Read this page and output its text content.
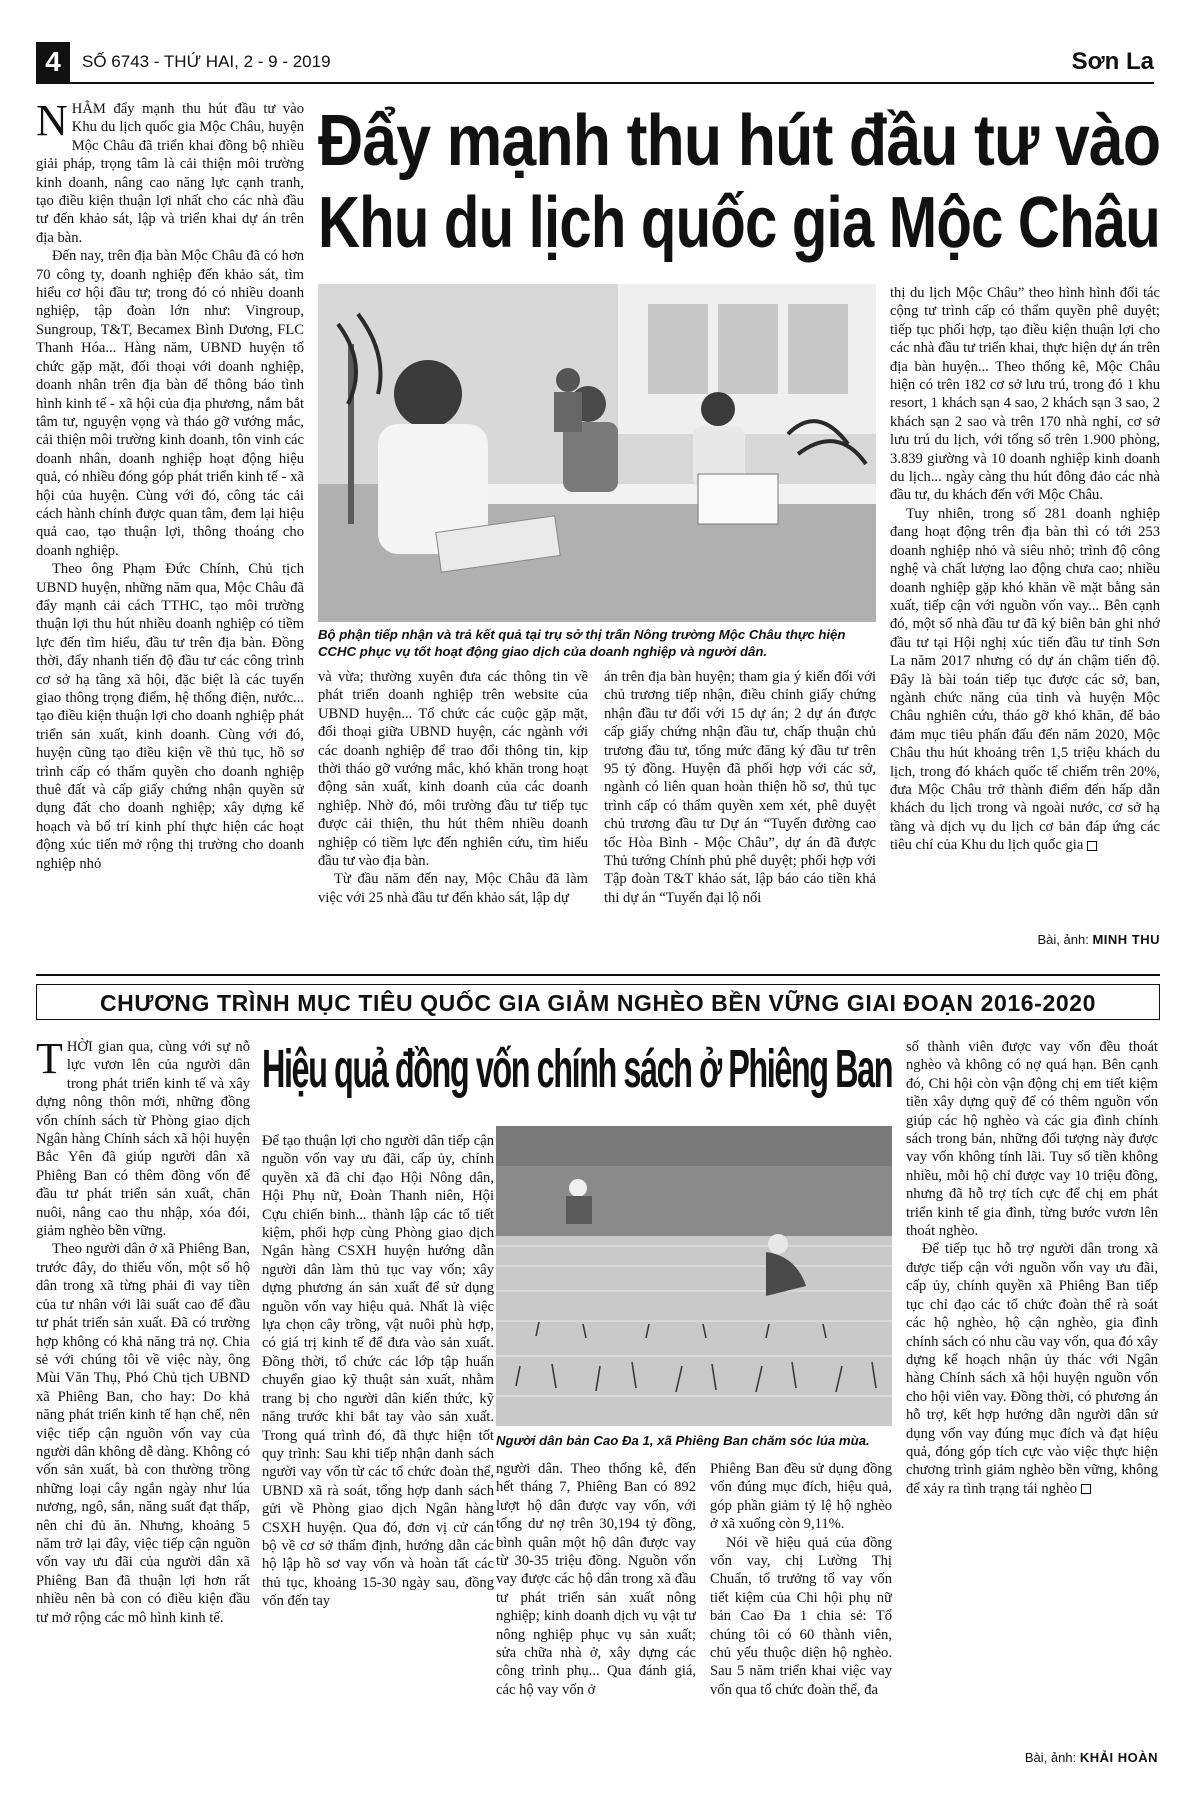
4	SỐ 6743 - THỨ HAI, 2 - 9 - 2019	Sơn La
N HẰM đẩy mạnh thu hút đầu tư vào Khu du lịch quốc gia Mộc Châu, huyện Mộc Châu đã triển khai đồng bộ nhiều giải pháp, trọng tâm là cải thiện môi trường kinh doanh, nâng cao năng lực cạnh tranh, tạo điều kiện thuận lợi nhất cho các nhà đầu tư đến khảo sát, lập và triển khai dự án trên địa bàn.

Đến nay, trên địa bàn Mộc Châu đã có hơn 70 công ty, doanh nghiệp đến khảo sát, tìm hiểu cơ hội đầu tư; trong đó có nhiều doanh nghiệp, tập đoàn lớn như: Vingroup, Sungroup, T&T, Becamex Bình Dương, FLC Thanh Hóa... Hàng năm, UBND huyện tổ chức gặp mặt, đối thoại với doanh nghiệp, doanh nhân trên địa bàn để thông báo tình hình kinh tế - xã hội của địa phương, nắm bắt tâm tư, nguyện vọng và tháo gỡ vướng mắc, cải thiện môi trường kinh doanh, tôn vinh các doanh nhân, doanh nghiệp hoạt động hiệu quả, có nhiều đóng góp phát triển kinh tế - xã hội của huyện. Cùng với đó, công tác cải cách hành chính được quan tâm, đem lại hiệu quả cao, tạo thuận lợi, thông thoáng cho doanh nghiệp.

Theo ông Phạm Đức Chính, Chủ tịch UBND huyện, những năm qua, Mộc Châu đã đẩy mạnh cải cách TTHC, tạo môi trường thuận lợi thu hút nhiều doanh nghiệp có tiềm lực đến tìm hiểu, đầu tư trên địa bàn. Đồng thời, đẩy nhanh tiến độ đầu tư các công trình cơ sở hạ tầng xã hội, đặc biệt là các tuyến giao thông trọng điểm, hệ thống điện, nước... tạo điều kiện thuận lợi cho doanh nghiệp phát triển sản xuất, kinh doanh. Cùng với đó, huyện cũng tạo điều kiện về thủ tục, hồ sơ trình cấp có thẩm quyền cho doanh nghiệp thuê đất và cấp giấy chứng nhận quyền sử dụng đất cho doanh nghiệp; xây dựng kế hoạch và bố trí kinh phí thực hiện các hoạt động xúc tiến mở rộng thị trường cho doanh nghiệp nhỏ

Đẩy mạnh thu hút đầu tư vào Khu du lịch quốc gia Mộc Châu
Bộ phận tiếp nhận và trả kết quả tại trụ sở thị trấn Nông trường Mộc Châu thực hiện CCHC phục vụ tốt hoạt động giao dịch của doanh nghiệp và người dân.

và vừa; thường xuyên đưa các thông tin về phát triển doanh nghiệp trên website của UBND huyện... Tổ chức các cuộc gặp mặt, đối thoại giữa UBND huyện, các ngành với các doanh nghiệp để trao đổi thông tin, kịp thời tháo gỡ vướng mắc, khó khăn trong hoạt động sản xuất, kinh doanh của các doanh nghiệp. Nhờ đó, môi trường đầu tư tiếp tục được cải thiện, thu hút thêm nhiều doanh nghiệp có tiềm lực đến nghiên cứu, tìm hiểu đầu tư vào địa bàn.

Từ đầu năm đến nay, Mộc Châu đã làm việc với 25 nhà đầu tư đến khảo sát, lập dự

án trên địa bàn huyện; tham gia ý kiến đối với chủ trương tiếp nhận, điều chỉnh giấy chứng nhận đầu tư đối với 15 dự án; 2 dự án được cấp giấy chứng nhận đầu tư, chấp thuận chủ trương đầu tư, tổng mức đăng ký đầu tư trên 95 tỷ đồng. Huyện đã phối hợp với các sở, ngành có liên quan hoàn thiện hồ sơ, thủ tục trình cấp có thẩm quyền xem xét, phê duyệt chủ trương đầu tư Dự án “Tuyến đường cao tốc Hòa Bình - Mộc Châu”, dự án đã được Thủ tướng Chính phủ phê duyệt; phối hợp với Tập đoàn T&T khảo sát, lập báo cáo tiền khả thi dự án “Tuyến đại lộ nối

thị du lịch Mộc Châu” theo hình hình đối tác cộng tư trình cấp có thẩm quyền phê duyệt; tiếp tục phối hợp, tạo điều kiện thuận lợi cho các nhà đầu tư triển khai, thực hiện dự án trên địa bàn huyện... Theo thống kê, Mộc Châu hiện có trên 182 cơ sở lưu trú, trong đó 1 khu resort, 1 khách sạn 4 sao, 2 khách sạn 3 sao, 2 khách sạn 2 sao và trên 170 nhà nghỉ, cơ sở lưu trú du lịch, với tổng số trên 1.900 phòng, 3.839 giường và 10 doanh nghiệp kinh doanh du lịch... ngày càng thu hút đông đảo các nhà đầu tư, du khách đến với Mộc Châu.

Tuy nhiên, trong số 281 doanh nghiệp đang hoạt động trên địa bàn thì có tới 253 doanh nghiệp nhỏ và siêu nhỏ; trình độ công nghệ và chất lượng lao động chưa cao; nhiều doanh nghiệp gặp khó khăn về mặt bằng sản xuất, tiếp cận với nguồn vốn vay... Bên cạnh đó, một số nhà đầu tư đã ký biên bản ghi nhớ đầu tư tại Hội nghị xúc tiến đầu tư tỉnh Sơn La năm 2017 nhưng có dự án chậm tiến độ. Đây là bài toán tiếp tục được các sở, ban, ngành chức năng của tỉnh và huyện Mộc Châu nghiên cứu, tháo gỡ khó khăn, để bảo đảm mục tiêu phấn đấu đến năm 2020, Mộc Châu thu hút khoảng trên 1,5 triệu khách du lịch, trong đó khách quốc tế chiếm trên 20%, đưa Mộc Châu trở thành điểm đến hấp dẫn khách du lịch trong và ngoài nước, cơ sở hạ tầng và dịch vụ du lịch cơ bản đáp ứng các tiêu chí của Khu du lịch quốc gia

Bài, ảnh: MINH THU
CHƯƠNG TRÌNH MỤC TIÊU QUỐC GIA GIẢM NGHÈO BỀN VỮNG GIAI ĐOẠN 2016-2020
T HỜI gian qua, cùng với sự nỗ lực vươn lên của người dân trong phát triển kinh tế và xây dựng nông thôn mới, những đồng vốn chính sách từ Phòng giao dịch Ngân hàng Chính sách xã hội huyện Bắc Yên đã giúp người dân xã Phiêng Ban có thêm đồng vốn để đầu tư phát triển sản xuất, chăn nuôi, nâng cao thu nhập, xóa đói, giảm nghèo bền vững.

Theo người dân ở xã Phiêng Ban, trước đây, do thiếu vốn, một số hộ dân trong xã từng phải đi vay tiền của tư nhân với lãi suất cao để đầu tư phát triển sản xuất. Đã có trường hợp không có khả năng trả nợ. Chia sẻ với chúng tôi về việc này, ông Mùi Văn Thụ, Phó Chủ tịch UBND xã Phiêng Ban, cho hay: Do khả năng phát triển kinh tế hạn chế, nên việc tiếp cận nguồn vốn vay của người dân không dễ dàng. Không có vốn sản xuất, bà con thường trồng những loại cây ngắn ngày như lúa nương, ngô, sắn, năng suất đạt thấp, nên chỉ đủ ăn. Nhưng, khoảng 5 năm trở lại đây, việc tiếp cận nguồn vốn vay ưu đãi của người dân xã Phiêng Ban đã thuận lợi hơn rất nhiều nên bà con có điều kiện đầu tư mở rộng các mô hình kinh tế.

Hiệu quả đồng vốn chính sách ở Phiêng Ban

Để tạo thuận lợi cho người dân tiếp cận nguồn vốn vay ưu đãi, cấp ủy, chính quyền xã đã chỉ đạo Hội Nông dân, Hội Phụ nữ, Đoàn Thanh niên, Hội Cựu chiến binh... thành lập các tổ tiết kiệm, phối hợp cùng Phòng giao dịch Ngân hàng CSXH huyện hướng dẫn người dân làm thủ tục vay vốn; xây dựng phương án sản xuất để sử dụng nguồn vốn vay hiệu quả. Nhất là việc lựa chọn cây trồng, vật nuôi phù hợp, có giá trị kinh tế để đưa vào sản xuất. Đồng thời, tổ chức các lớp tập huấn chuyển giao kỹ thuật sản xuất, nhằm trang bị cho người dân kiến thức, kỹ năng trước khi bắt tay vào sản xuất. Trong quá trình đó, đã thực hiện tốt quy trình: Sau khi tiếp nhận danh sách người vay vốn từ các tổ chức đoàn thể, UBND xã rà soát, tổng hợp danh sách gửi về Phòng giao dịch Ngân hàng CSXH huyện. Qua đó, đơn vị cử cán bộ về cơ sở thẩm định, hướng dẫn các hộ lập hồ sơ vay vốn và hoàn tất các thủ tục, khoảng 15-30 ngày sau, đồng vốn đến tay

Người dân bản Cao Đa 1, xã Phiêng Ban chăm sóc lúa mùa.

người dân. Theo thống kê, đến hết tháng 7, Phiêng Ban có 892 lượt hộ dân được vay vốn, với tổng dư nợ trên 30,194 tỷ đồng, bình quân một hộ dân được vay từ 30-35 triệu đồng. Nguồn vốn vay được các hộ dân trong xã đầu tư phát triển sản xuất nông nghiệp; kinh doanh dịch vụ vật tư nông nghiệp phục vụ sản xuất; sửa chữa nhà ở, xây dựng các công trình phụ... Qua đánh giá, các hộ vay vốn ở

Phiêng Ban đều sử dụng đồng vốn đúng mục đích, hiệu quả, góp phần giảm tỷ lệ hộ nghèo ở xã xuống còn 9,11%.

Nói về hiệu quả của đồng vốn vay, chị Lường Thị Chuẩn, tổ trưởng tổ vay vốn tiết kiệm của Chi hội phụ nữ bản Cao Đa 1 chia sẻ: Tổ chúng tôi có 60 thành viên, chủ yếu thuộc diện hộ nghèo. Sau 5 năm triển khai việc vay vốn qua tổ chức đoàn thể, đa

số thành viên được vay vốn đều thoát nghèo và không có nợ quá hạn. Bên cạnh đó, Chi hội còn vận động chị em tiết kiệm tiền xây dựng quỹ để có thêm nguồn vốn giúp các hộ nghèo và các gia đình chính sách trong bản, những đối tượng này được vay vốn không tính lãi. Tuy số tiền không nhiều, mỗi hộ chỉ được vay 10 triệu đồng, nhưng đã hỗ trợ tích cực để chị em phát triển kinh tế gia đình, từng bước vươn lên thoát nghèo.

Để tiếp tục hỗ trợ người dân trong xã được tiếp cận với nguồn vốn vay ưu đãi, cấp ủy, chính quyền xã Phiêng Ban tiếp tục chỉ đạo các tổ chức đoàn thể rà soát các hộ nghèo, hộ cận nghèo, gia đình chính sách có nhu cầu vay vốn, qua đó xây dựng kế hoạch nhận ủy thác với Ngân hàng Chính sách xã hội huyện nguồn vốn cho hội viên vay. Đồng thời, có phương án hỗ trợ, kết hợp hướng dẫn người dân sử dụng vốn vay đúng mục đích và đạt hiệu quả, đóng góp tích cực vào việc thực hiện chương trình giảm nghèo bền vững, không để xảy ra tình trạng tái nghèo

Bài, ảnh: KHẢI HOÀN
